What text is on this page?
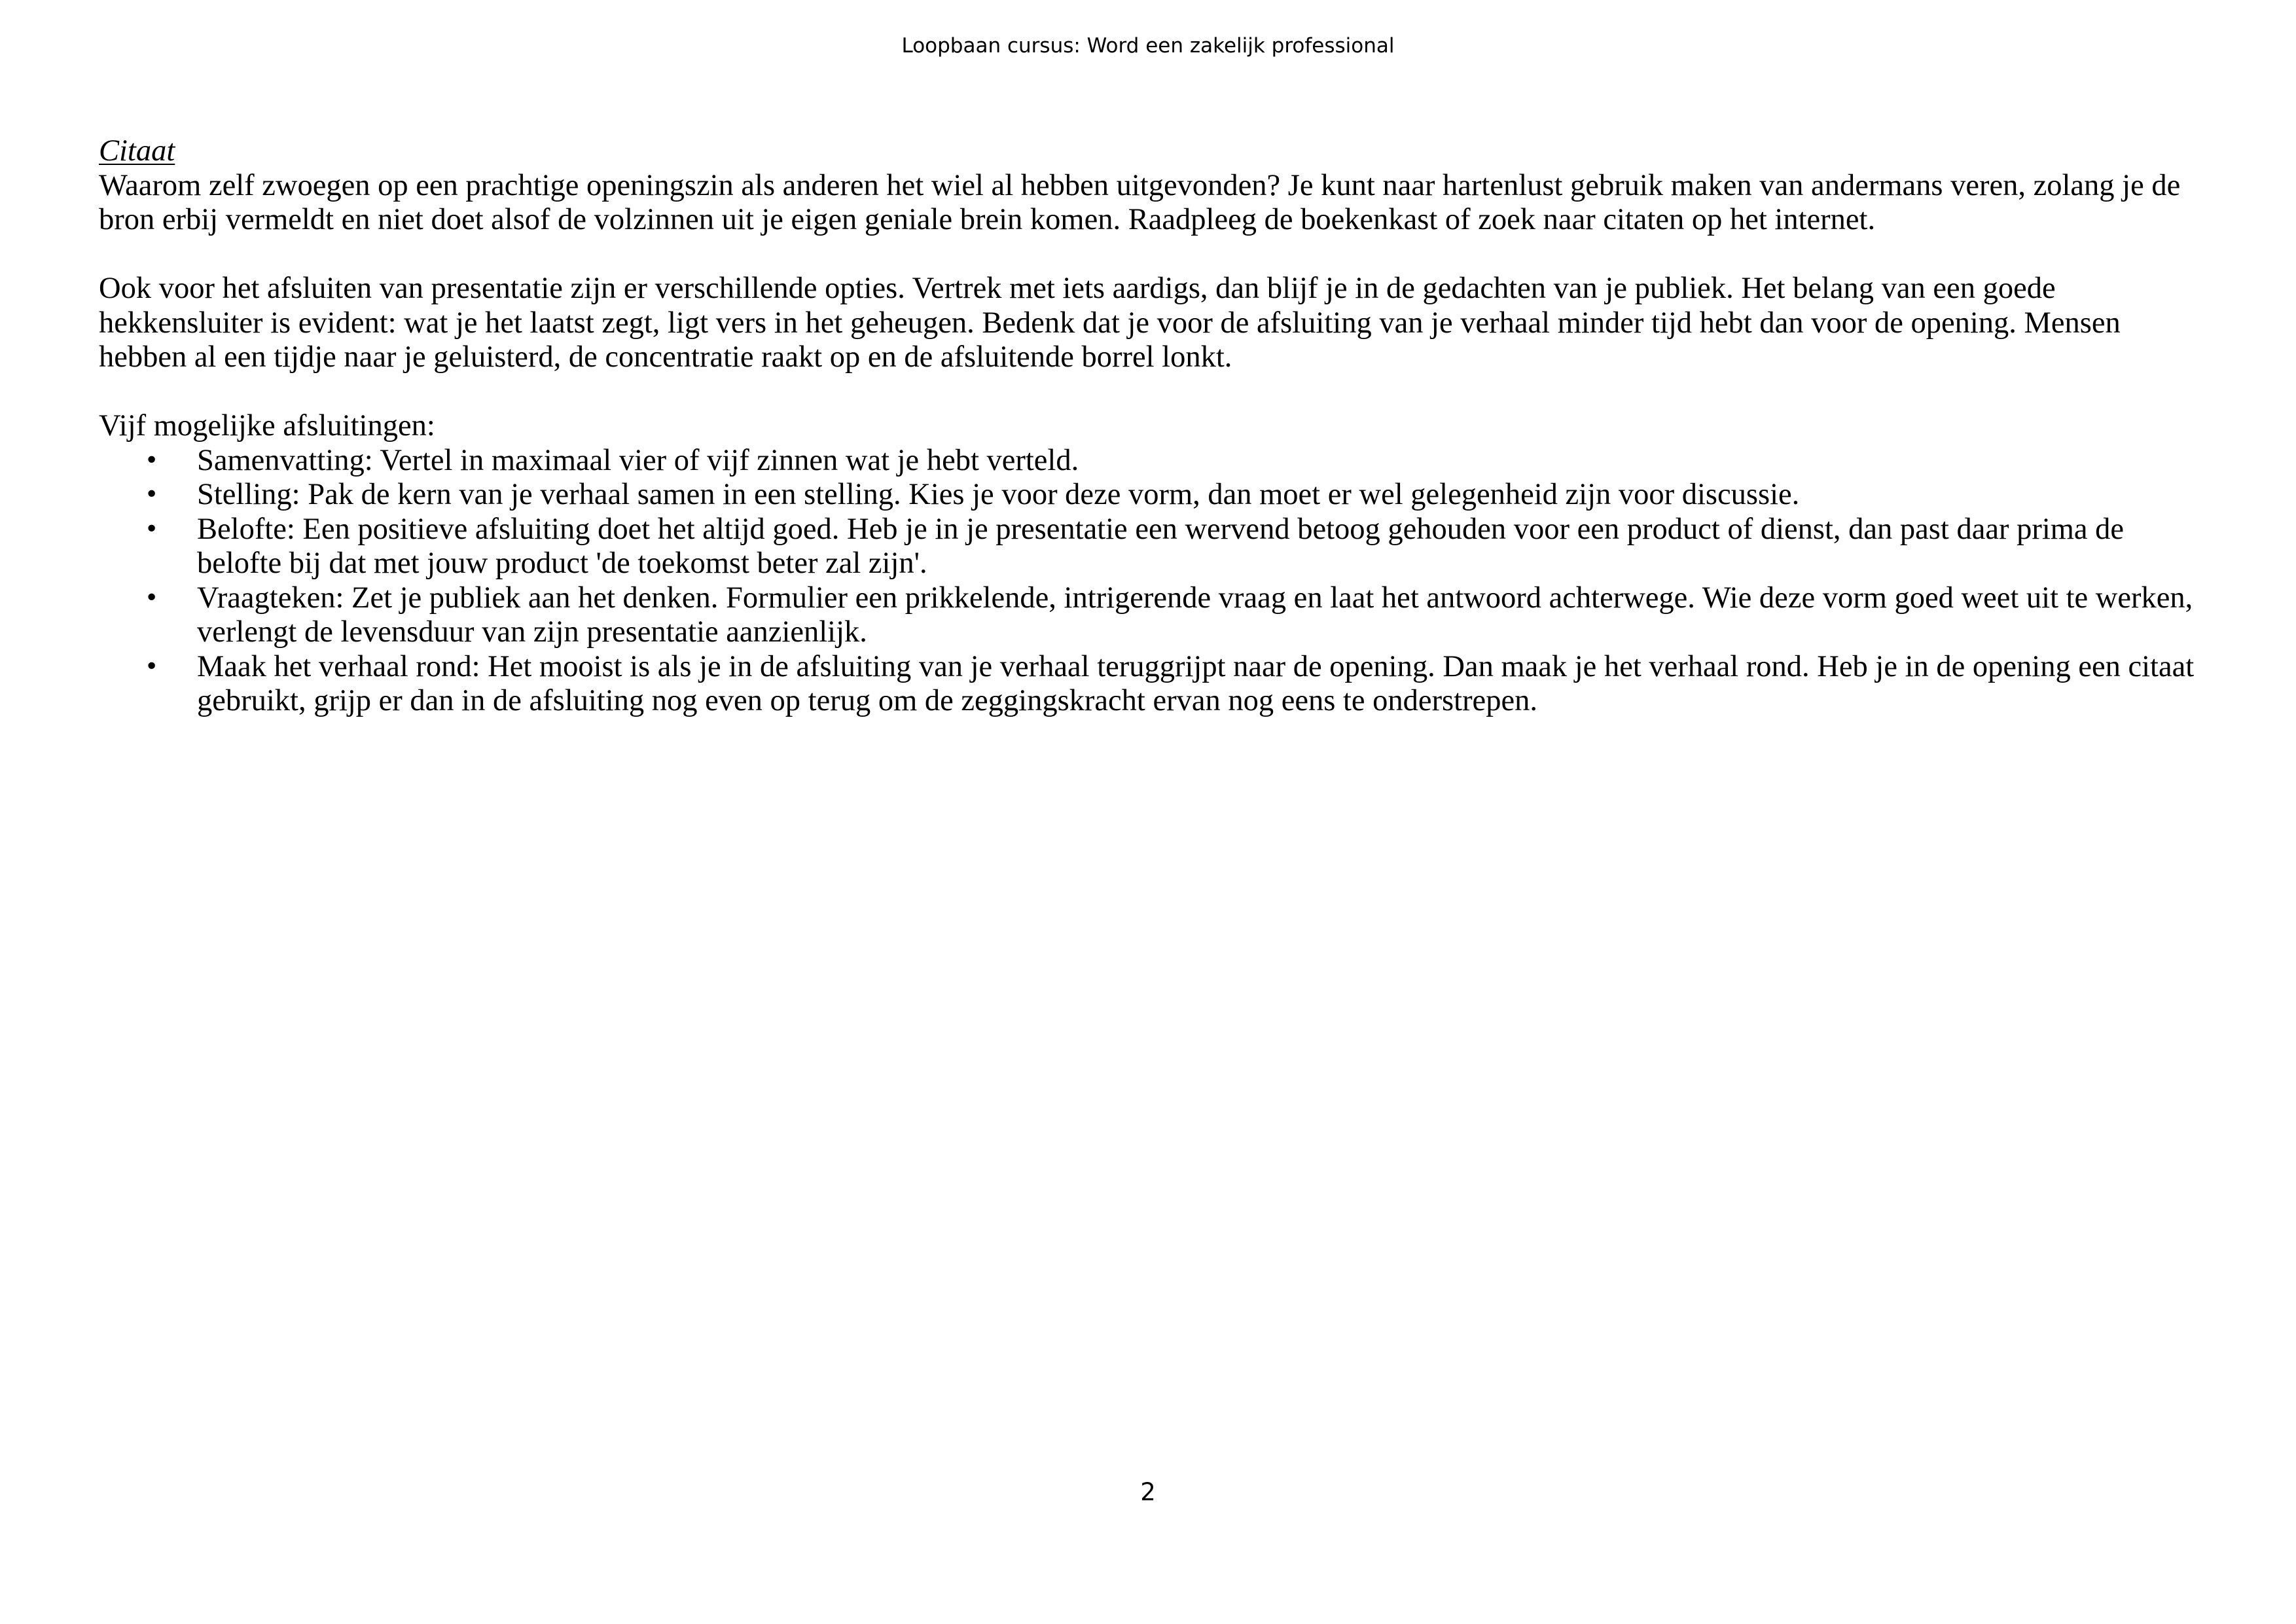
Loopbaan cursus: Word een zakelijk professional

Citaat

Waarom zelf zwoegen op een prachtige openingszin als anderen het wiel al hebben uitgevonden? Je kunt naar hartenlust gebruik maken van andermans veren, zolang je de bron erbij vermeldt en niet doet alsof de volzinnen uit je eigen geniale brein komen. Raadpleeg de boekenkast of zoek naar citaten op het internet.

Ook voor het afsluiten van presentatie zijn er verschillende opties. Vertrek met iets aardigs, dan blijf je in de gedachten van je publiek. Het belang van een goede hekkensluiter is evident: wat je het laatst zegt, ligt vers in het geheugen. Bedenk dat je voor de afsluiting van je verhaal minder tijd hebt dan voor de opening. Mensen hebben al een tijdje naar je geluisterd, de concentratie raakt op en de afsluitende borrel lonkt.

Vijf mogelijke afsluitingen:

• Samenvatting: Vertel in maximaal vier of vijf zinnen wat je hebt verteld.
• Stelling: Pak de kern van je verhaal samen in een stelling. Kies je voor deze vorm, dan moet er wel gelegenheid zijn voor discussie.
• Belofte: Een positieve afsluiting doet het altijd goed. Heb je in je presentatie een wervend betoog gehouden voor een product of dienst, dan past daar prima de belofte bij dat met jouw product 'de toekomst beter zal zijn'.
• Vraagteken: Zet je publiek aan het denken. Formulier een prikkelende, intrigerende vraag en laat het antwoord achterwege. Wie deze vorm goed weet uit te werken, verlengt de levensduur van zijn presentatie aanzienlijk.
• Maak het verhaal rond: Het mooist is als je in de afsluiting van je verhaal teruggrijpt naar de opening. Dan maak je het verhaal rond. Heb je in de opening een citaat gebruikt, grijp er dan in de afsluiting nog even op terug om de zeggingskracht ervan nog eens te onderstrepen.
2
